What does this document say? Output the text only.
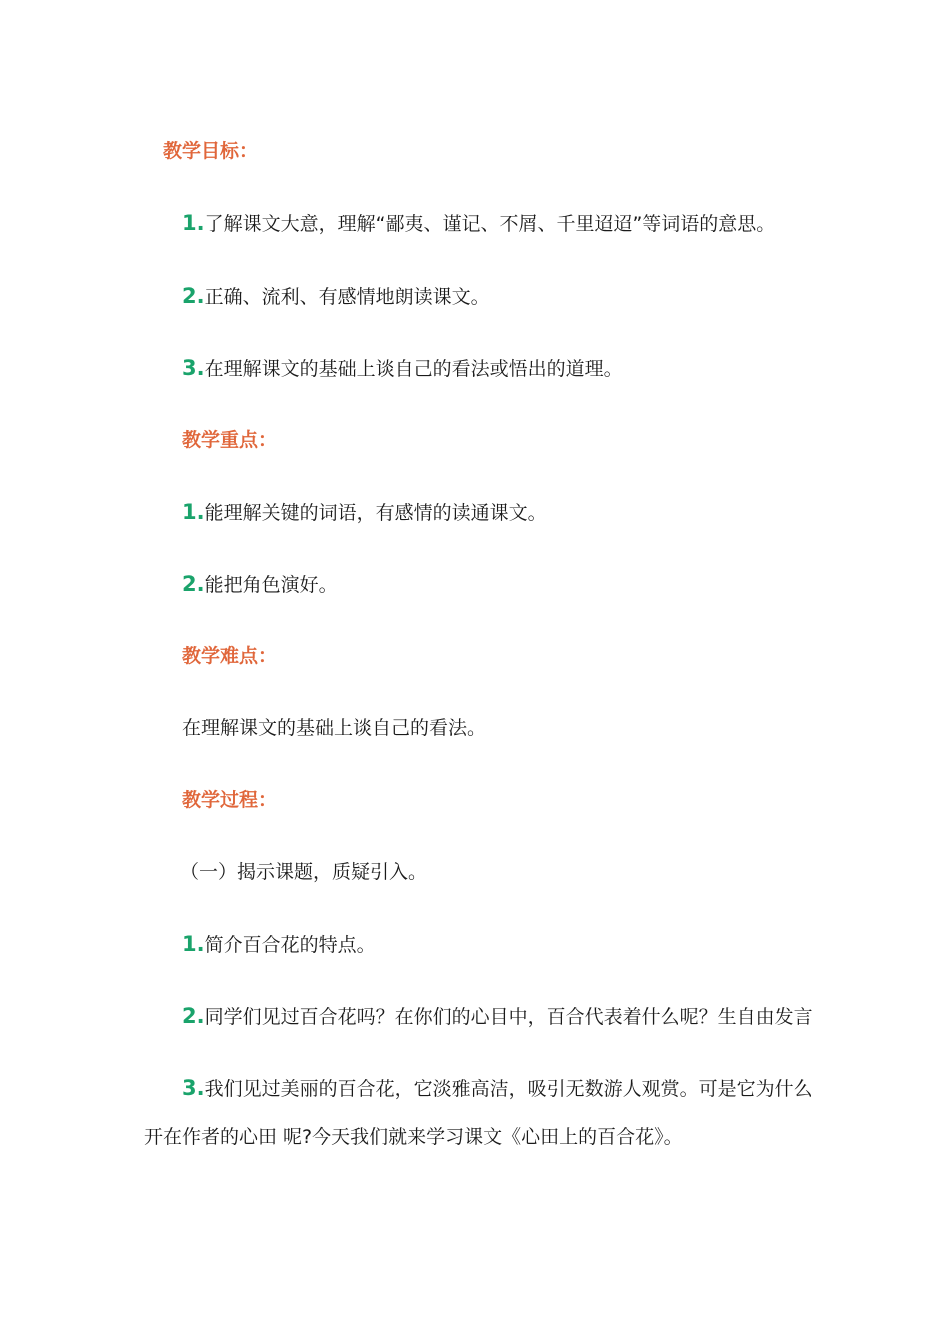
教学目标：
1.了解课文大意，理解“鄙夷、谨记、不屑、千里迢迢”等词语的意思。
2.正确、流利、有感情地朗读课文。
3.在理解课文的基础上谈自己的看法或悟出的道理。
教学重点：
1.能理解关键的词语，有感情的读通课文。
2.能把角色演好。
教学难点：
在理解课文的基础上谈自己的看法。
教学过程：
（一）揭示课题，质疑引入。
1.简介百合花的特点。
2.同学们见过百合花吗？在你们的心目中，百合代表着什么呢？生自由发言
3.我们见过美丽的百合花，它淡雅高洁，吸引无数游人观赏。可是它为什么
开在作者的心田 呢?今天我们就来学习课文《心田上的百合花》。
